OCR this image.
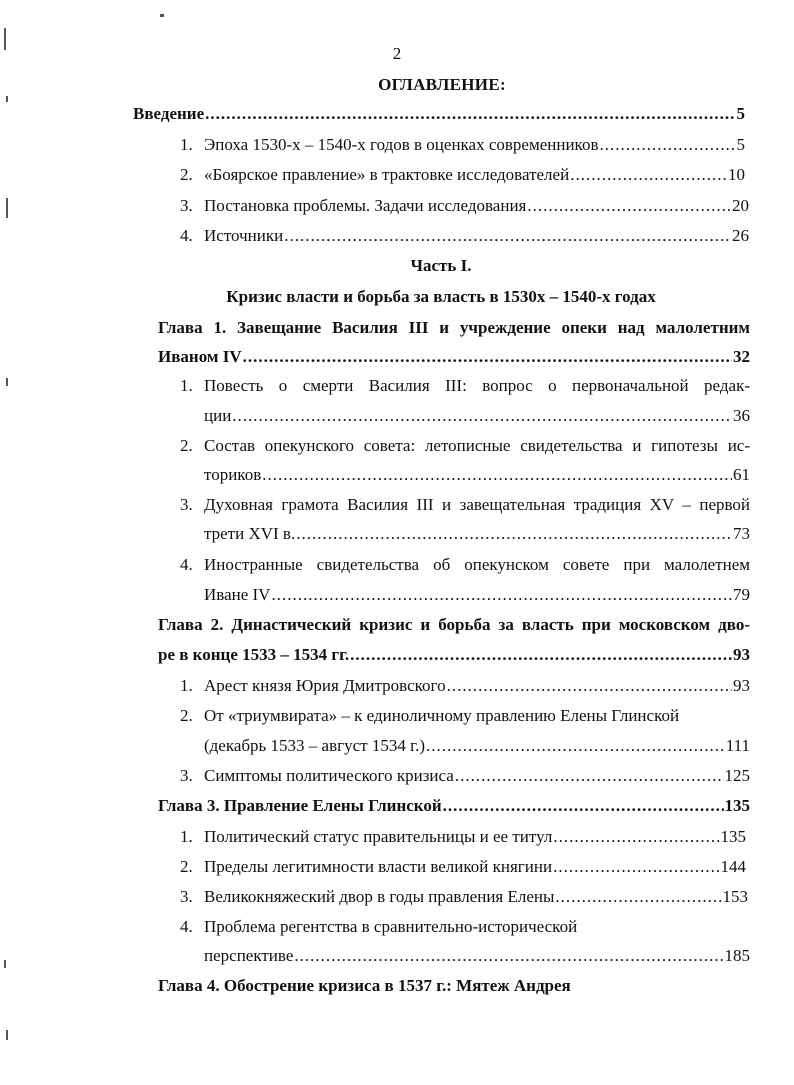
2
ОГЛАВЛЕНИЕ:
Введение .....	5
1. Эпоха 1530-х – 1540-х годов в оценках современников .....	5
2. «Боярское правление» в трактовке исследователей .....	10
3. Постановка проблемы. Задачи исследования .....	20
4. Источники .....	26
Часть I.
Кризис власти и борьба за власть в 1530х – 1540-х годах
Глава 1. Завещание Василия III и учреждение опеки над малолетним
Иваном IV .....	32
1. Повесть о смерти Василия III: вопрос о первоначальной редак-
ции .....	36
2. Состав опекунского совета: летописные свидетельства и гипотезы ис-
ториков .....	61
3. Духовная грамота Василия III и завещательная традиция XV – первой
трети XVI в. .....	73
4. Иностранные свидетельства об опекунском совете при малолетнем
Иване IV .....	79
Глава 2. Династический кризис и борьба за власть при московском дво-
ре в конце 1533 – 1534 гг. .....	93
1. Арест князя Юрия Дмитровского .....	93
2. От «триумвирата» – к единоличному правлению Елены Глинской
(декабрь 1533 – август 1534 г.) .....	111
3. Симптомы политического кризиса .....	125
Глава 3. Правление Елены Глинской .....	135
1. Политический статус правительницы и ее титул .....	135
2. Пределы легитимности власти великой княгини .....	144
3. Великокняжеский двор в годы правления Елены .....	153
4. Проблема регентства в сравнительно-исторической
перспективе .....	185
Глава 4. Обострение кризиса в 1537 г.: Мятеж Андрея
